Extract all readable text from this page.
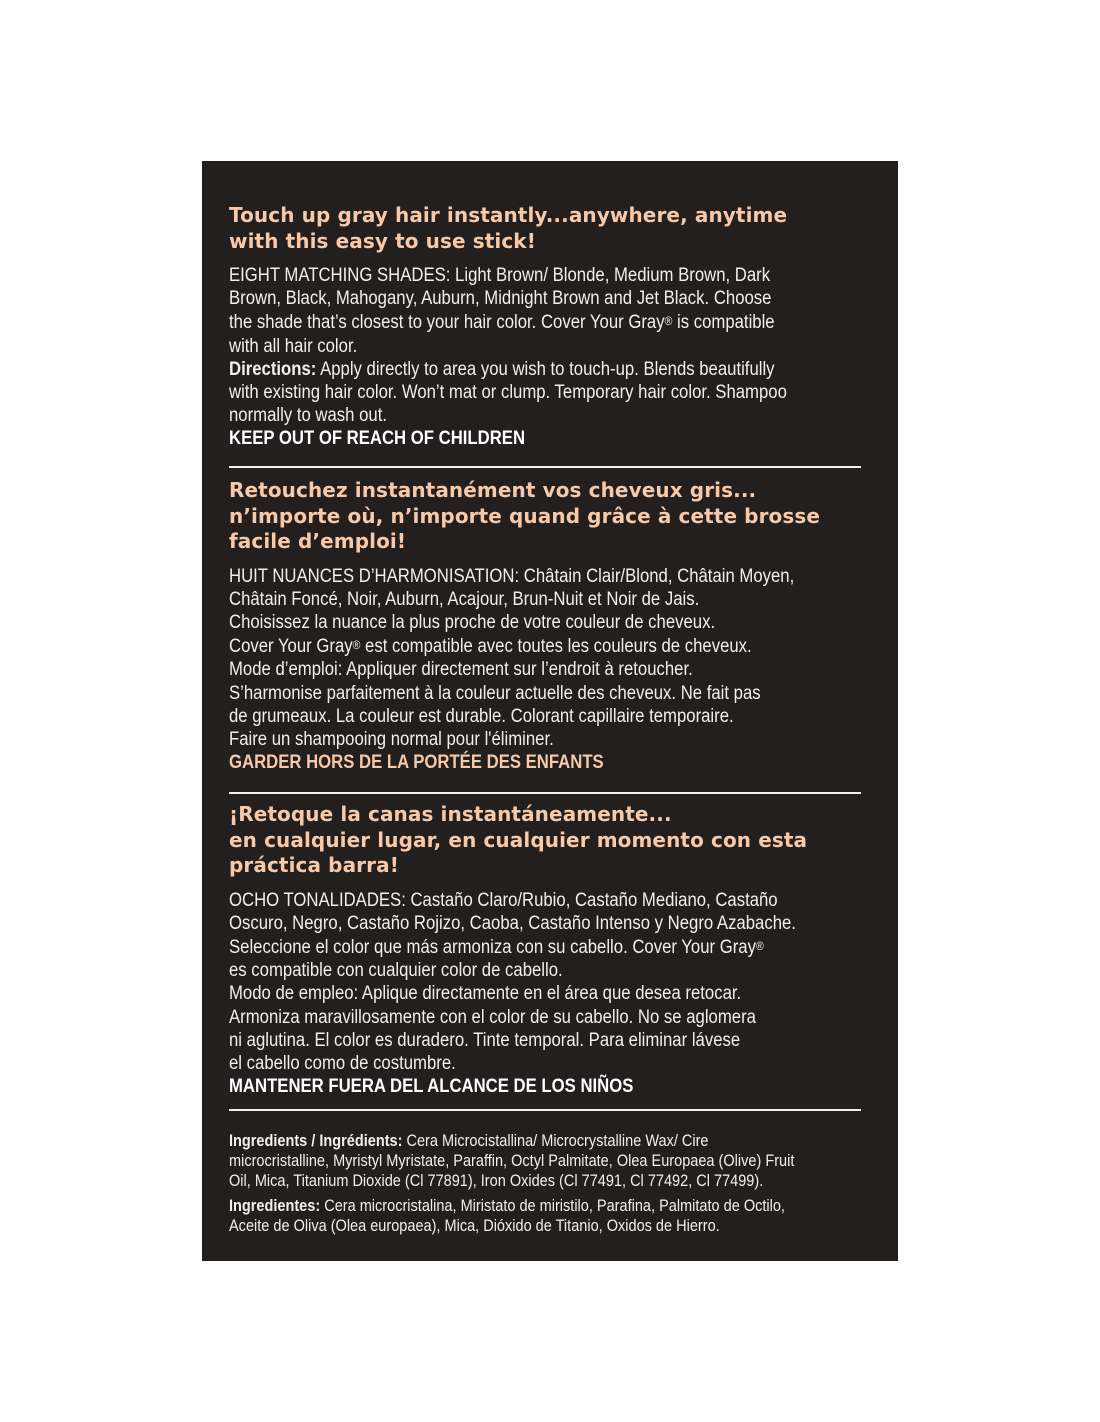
Touch up gray hair instantly...anywhere, anytime
with this easy to use stick!

EIGHT MATCHING SHADES: Light Brown/ Blonde, Medium Brown, Dark

Brown, Black, Mahogany, Auburn, Midnight Brown and Jet Black. Choose

the shade that’s closest to your hair color. Cover Your Gray® is compatible

with all hair color.

Directions: Apply directly to area you wish to touch-up. Blends beautifully

with existing hair color. Won’t mat or clump. Temporary hair color. Shampoo

normally to wash out.

KEEP OUT OF REACH OF CHILDREN

Retouchez instantanément vos cheveux gris...
n’importe où, n’importe quand grâce à cette brosse
facile d’emploi!

HUIT NUANCES D’HARMONISATION: Châtain Clair/Blond, Châtain Moyen,

Châtain Foncé, Noir, Auburn, Acajour, Brun-Nuit et Noir de Jais.

Choisissez la nuance la plus proche de votre couleur de cheveux.

Cover Your Gray® est compatible avec toutes les couleurs de cheveux.

Mode d’emploi: Appliquer directement sur l’endroit à retoucher.

S’harmonise parfaitement à la couleur actuelle des cheveux. Ne fait pas

de grumeaux. La couleur est durable. Colorant capillaire temporaire.

Faire un shampooing normal pour l'éliminer.

GARDER HORS DE LA PORTÉE DES ENFANTS

¡Retoque la canas instantáneamente...
en cualquier lugar, en cualquier momento con esta
práctica barra!

OCHO TONALIDADES: Castaño Claro/Rubio, Castaño Mediano, Castaño

Oscuro, Negro, Castaño Rojizo, Caoba, Castaño Intenso y Negro Azabache.

Seleccione el color que más armoniza con su cabello. Cover Your Gray®

es compatible con cualquier color de cabello.

Modo de empleo: Aplique directamente en el área que desea retocar.

Armoniza maravillosamente con el color de su cabello. No se aglomera

ni aglutina. El color es duradero. Tinte temporal. Para eliminar lávese

el cabello como de costumbre.

MANTENER FUERA DEL ALCANCE DE LOS NIÑOS

Ingredients / Ingrédients: Cera Microcistallina/ Microcrystalline Wax/ Cire
microcristalline, Myristyl Myristate, Paraffin, Octyl Palmitate, Olea Europaea (Olive) Fruit
Oil, Mica, Titanium Dioxide (Cl 77891), Iron Oxides (Cl 77491, Cl 77492, Cl 77499).

Ingredientes: Cera microcristalina, Miristato de miristilo, Parafina, Palmitato de Octilo,
Aceite de Oliva (Olea europaea), Mica, Dióxido de Titanio, Oxidos de Hierro.
